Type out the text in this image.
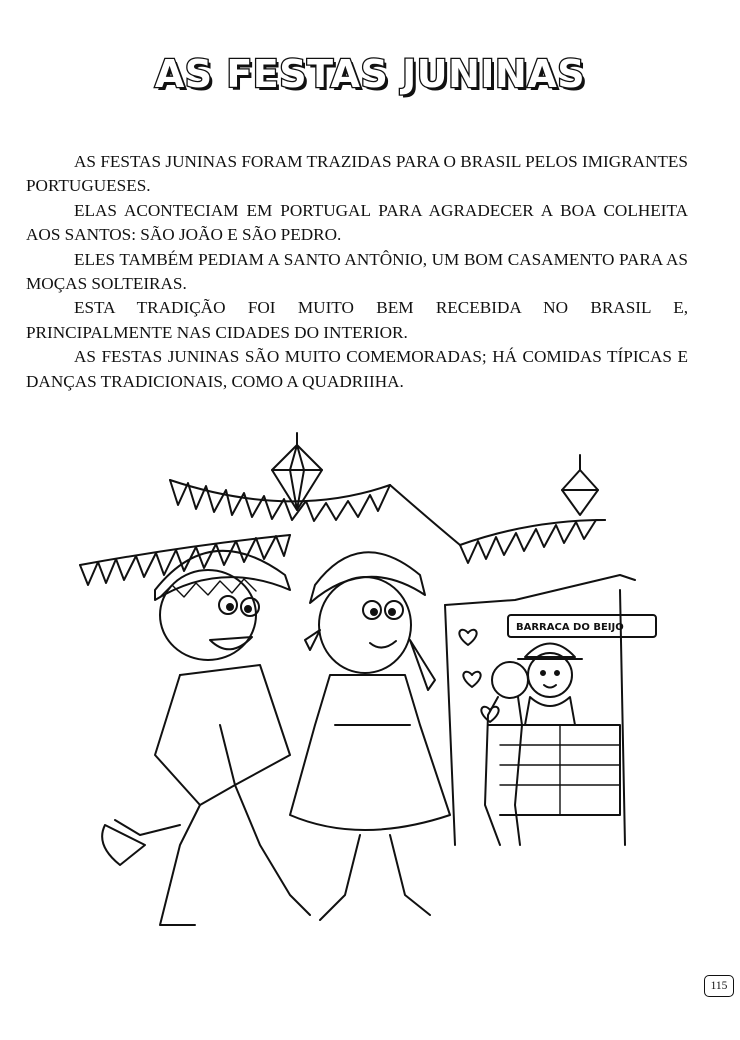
AS FESTAS JUNINAS

AS FESTAS JUNINAS FORAM TRAZIDAS PARA O BRASIL PELOS IMIGRANTES PORTUGUESES.

ELAS ACONTECIAM EM PORTUGAL PARA AGRADECER A BOA COLHEITA AOS SANTOS: SÃO JOÃO E SÃO PEDRO.

ELES TAMBÉM PEDIAM A SANTO ANTÔNIO, UM BOM CASAMENTO PARA AS MOÇAS SOLTEIRAS.

ESTA TRADIÇÃO FOI MUITO BEM RECEBIDA NO BRASIL E, PRINCIPALMENTE NAS CIDADES DO INTERIOR.

AS FESTAS JUNINAS SÃO MUITO COMEMORADAS; HÁ COMIDAS TÍPICAS E DANÇAS TRADICIONAIS, COMO A QUADRIIHA.

BARRACA DO BEIJO
115
